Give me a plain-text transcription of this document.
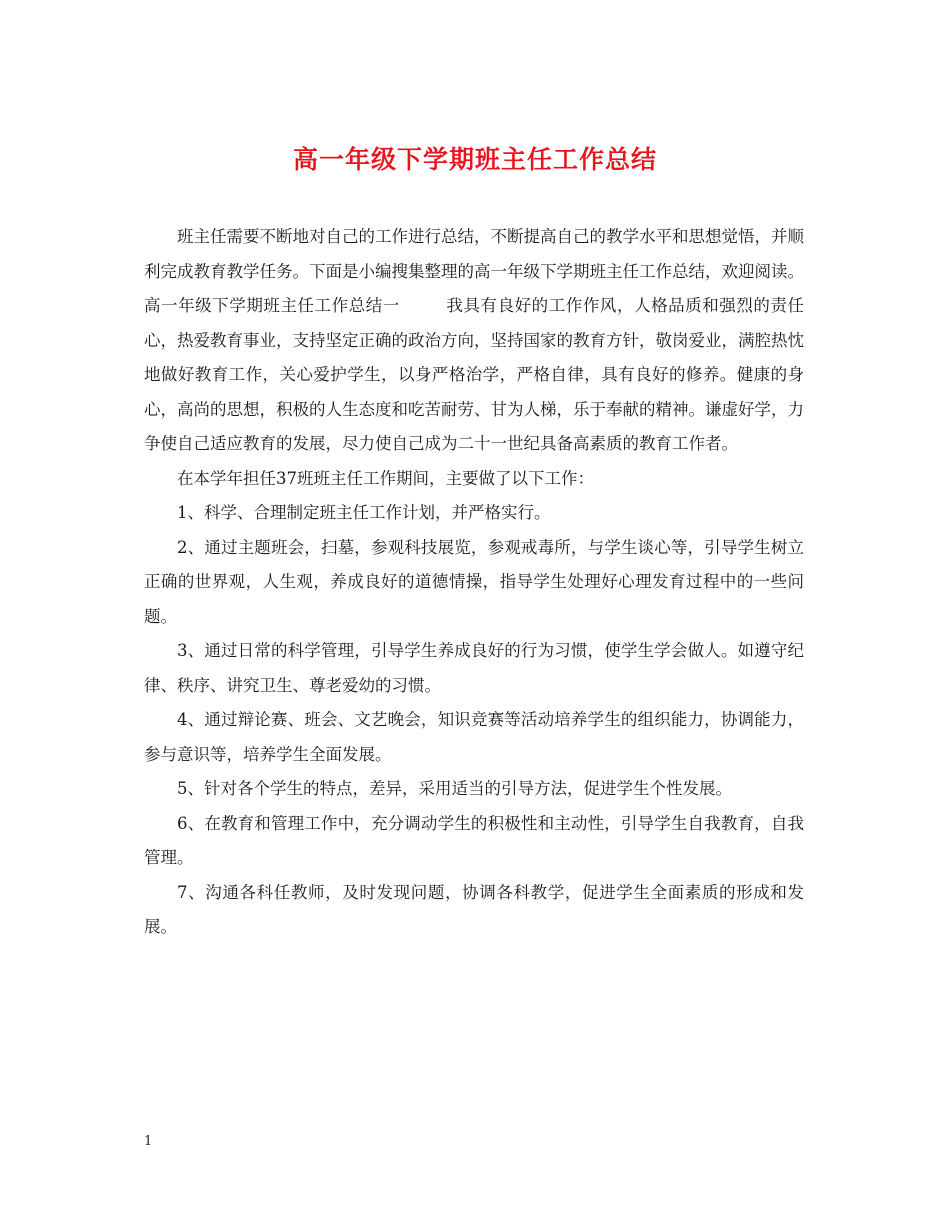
高一年级下学期班主任工作总结

班主任需要不断地对自己的工作进行总结，不断提高自己的教学水平和思想觉悟，并顺利完成教育教学任务。下面是小编搜集整理的高一年级下学期班主任工作总结，欢迎阅读。

高一年级下学期班主任工作总结一	我具有良好的工作作风，人格品质和强烈的责任心，热爱教育事业，支持坚定正确的政治方向，坚持国家的教育方针，敬岗爱业，满腔热忱地做好教育工作，关心爱护学生，以身严格治学，严格自律，具有良好的修养。健康的身心，高尚的思想，积极的人生态度和吃苦耐劳、甘为人梯，乐于奉献的精神。谦虚好学，力争使自己适应教育的发展，尽力使自己成为二十一世纪具备高素质的教育工作者。

在本学年担任37班班主任工作期间，主要做了以下工作：

1、科学、合理制定班主任工作计划，并严格实行。

2、通过主题班会，扫墓，参观科技展览，参观戒毒所，与学生谈心等，引导学生树立正确的世界观，人生观，养成良好的道德情操，指导学生处理好心理发育过程中的一些问题。

3、通过日常的科学管理，引导学生养成良好的行为习惯，使学生学会做人。如遵守纪律、秩序、讲究卫生、尊老爱幼的习惯。

4、通过辩论赛、班会、文艺晚会，知识竞赛等活动培养学生的组织能力，协调能力，参与意识等，培养学生全面发展。

5、针对各个学生的特点，差异，采用适当的引导方法，促进学生个性发展。

6、在教育和管理工作中，充分调动学生的积极性和主动性，引导学生自我教育，自我管理。

7、沟通各科任教师，及时发现问题，协调各科教学，促进学生全面素质的形成和发展。

1
